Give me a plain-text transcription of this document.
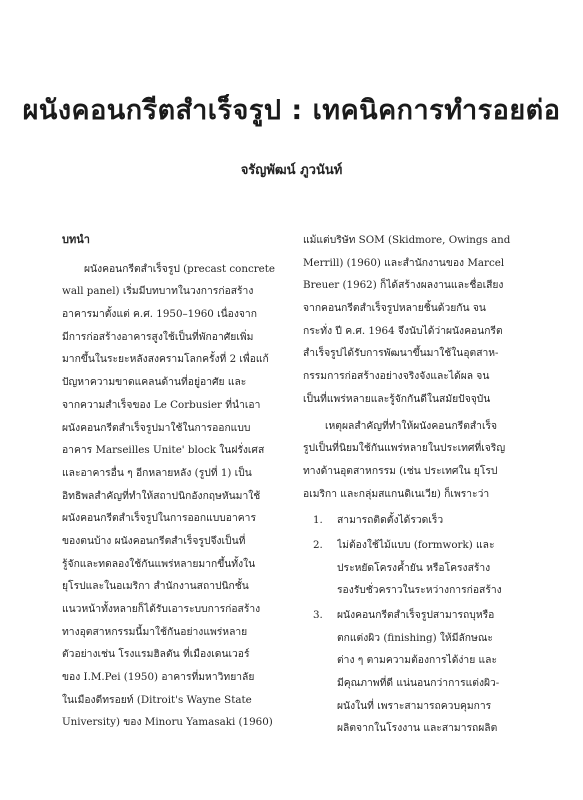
ผนังคอนกรีตสำเร็จรูป : เทคนิคการทำรอยต่อ
จรัญพัฒน์ ภูวนันท์
บทนำ
ผนังคอนกรีตสำเร็จรูป (precast concrete
wall panel) เริ่มมีบทบาทในวงการก่อสร้าง
อาคารมาตั้งแต่ ค.ศ. 1950–1960 เนื่องจาก
มีการก่อสร้างอาคารสูงใช้เป็นที่พักอาศัยเพิ่ม
มากขึ้นในระยะหลังสงครามโลกครั้งที่ 2 เพื่อแก้
ปัญหาความขาดแคลนด้านที่อยู่อาศัย และ
จากความสำเร็จของ Le Corbusier ที่นำเอา
ผนังคอนกรีตสำเร็จรูปมาใช้ในการออกแบบ
อาคาร Marseilles Unite' block ในฝรั่งเศส
และอาคารอื่น ๆ อีกหลายหลัง (รูปที่ 1) เป็น
อิทธิพลสำคัญที่ทำให้สถาปนิกอังกฤษหันมาใช้
ผนังคอนกรีตสำเร็จรูปในการออกแบบอาคาร
ของตนบ้าง ผนังคอนกรีตสำเร็จรูปจึงเป็นที่
รู้จักและทดลองใช้กันแพร่หลายมากขึ้นทั้งใน
ยุโรปและในอเมริกา สำนักงานสถาปนิกชั้น
แนวหน้าทั้งหลายก็ได้รับเอาระบบการก่อสร้าง
ทางอุตสาหกรรมนี้มาใช้กันอย่างแพร่หลาย
ตัวอย่างเช่น โรงแรมฮิลตัน ที่เมืองเดนเวอร์
ของ I.M.Pei (1950) อาคารที่มหาวิทยาลัย
ในเมืองดีทรอยท์ (Ditroit's Wayne State
University) ของ Minoru Yamasaki (1960)
แม้แต่บริษัท SOM (Skidmore, Owings and
Merrill) (1960) และสำนักงานของ Marcel
Breuer (1962) ก็ได้สร้างผลงานและชื่อเสียง
จากคอนกรีตสำเร็จรูปหลายชิ้นด้วยกัน จน
กระทั่ง ปี ค.ศ. 1964 จึงนับได้ว่าผนังคอนกรีต
สำเร็จรูปได้รับการพัฒนาขึ้นมาใช้ในอุตสาห-
กรรมการก่อสร้างอย่างจริงจังและได้ผล จน
เป็นที่แพร่หลายและรู้จักกันดีในสมัยปัจจุบัน
เหตุผลสำคัญที่ทำให้ผนังคอนกรีตสำเร็จ
รูปเป็นที่นิยมใช้กันแพร่หลายในประเทศที่เจริญ
ทางด้านอุตสาหกรรม (เช่น ประเทศใน ยุโรป
อเมริกา และกลุ่มสแกนดิเนเวีย) ก็เพราะว่า
1. สามารถติดตั้งได้รวดเร็ว
2. ไม่ต้องใช้ไม้แบบ (formwork) และ
ประหยัดโครงค้ำยัน หรือโครงสร้าง
รองรับชั่วคราวในระหว่างการก่อสร้าง
3. ผนังคอนกรีตสำเร็จรูปสามารถบุหรือ
ตกแต่งผิว (finishing) ให้มีลักษณะ
ต่าง ๆ ตามความต้องการได้ง่าย และ
มีคุณภาพที่ดี แน่นอนกว่าการแต่งผิว-
ผนังในที่ เพราะสามารถควบคุมการ
ผลิตจากในโรงงาน และสามารถผลิต
